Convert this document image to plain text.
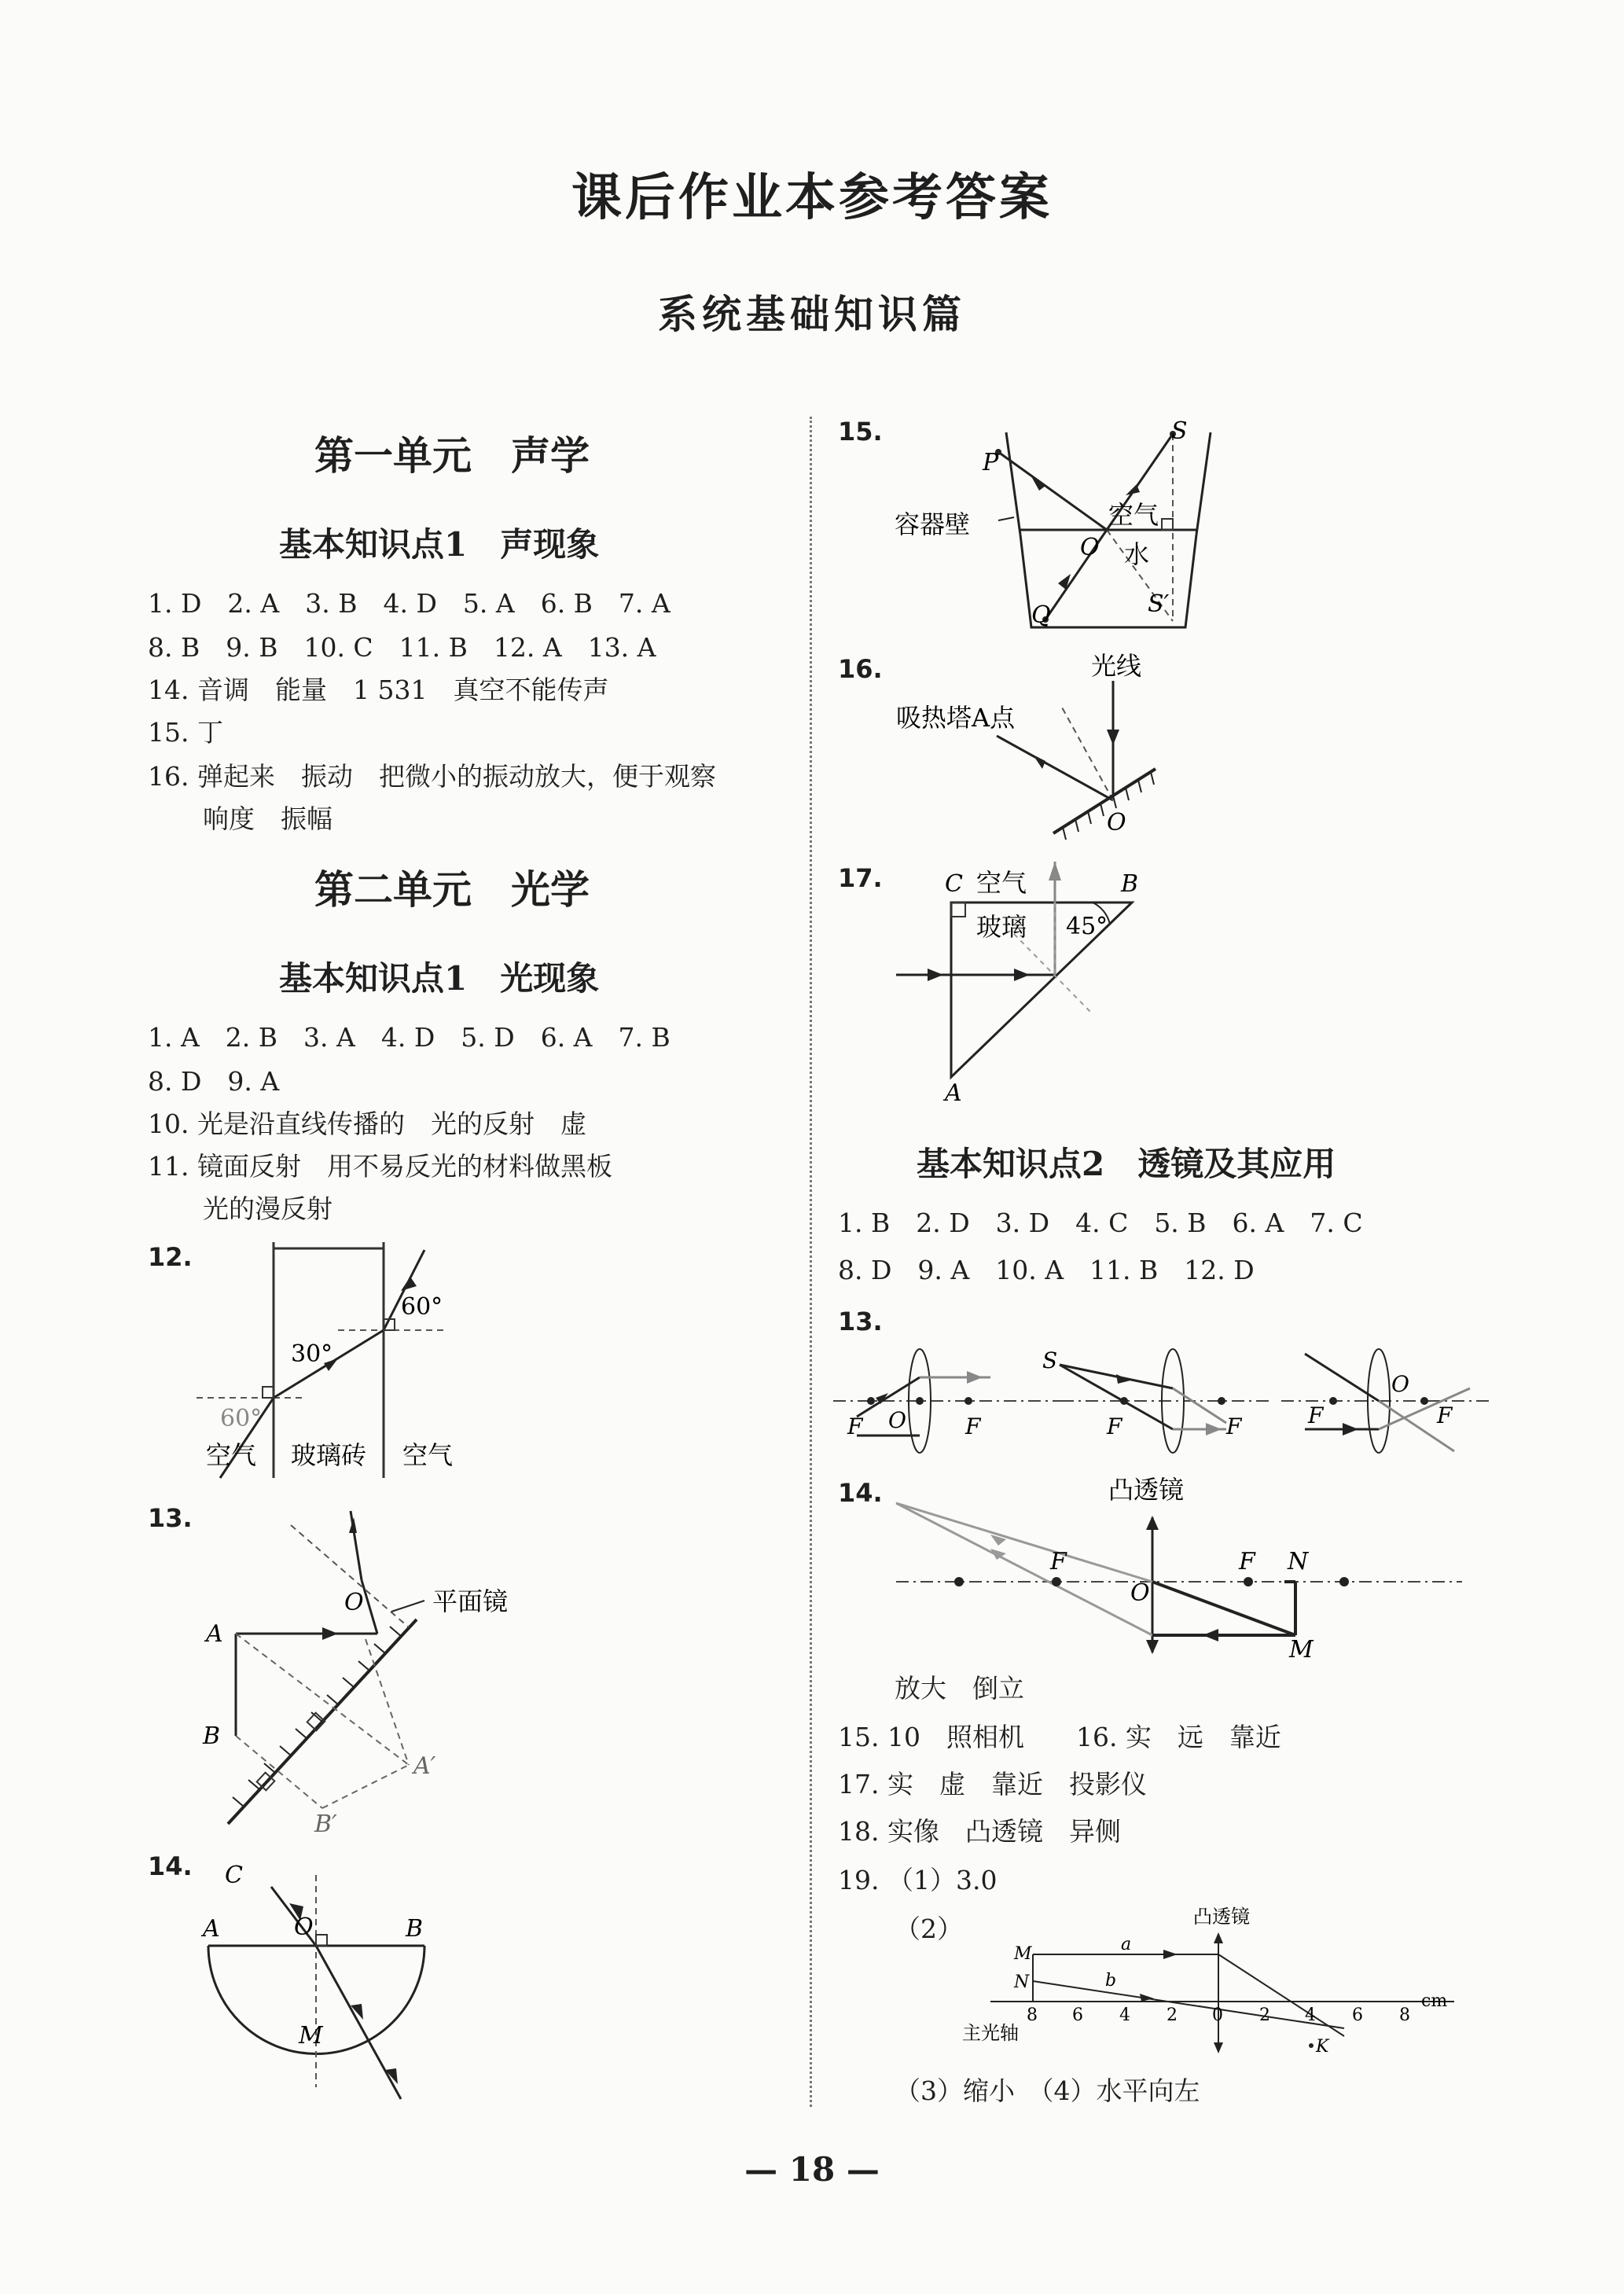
课后作业本参考答案
系统基础知识篇
第一单元　声学
基本知识点1　声现象
1. D　2. A　3. B　4. D　5. A　6. B　7. A
8. B　9. B　10. C　11. B　12. A　13. A
14. 音调　能量　1 531　真空不能传声
15. 丁
16. 弹起来　振动　把微小的振动放大，便于观察
响度　振幅
第二单元　光学
基本知识点1　光现象
1. A　2. B　3. A　4. D　5. D　6. A　7. B
8. D　9. A
10. 光是沿直线传播的　光的反射　虚
11. 镜面反射　用不易反光的材料做黑板
光的漫反射
12.
60°
30°
60°
空气 玻璃砖 空气
13.
平面镜
A
B
O
A′
B′
14. C
A	O	B
M
15.	S
P
容器壁	空气
O 水
Q	S′
16.	光线
吸热塔A点
O
17.	C 空气	B
玻璃 45°
A
基本知识点2　透镜及其应用
1. B　2. D　3. D　4. C　5. B　6. A　7. C
8. D　9. A　10. A　11. B　12. D
13.
F O	F
S
F	F	F
O
F
14.	凸透镜
F	F N
O
M
放大　倒立
15. 10　照相机　　16. 实　远　靠近
17. 实　虚　靠近　投影仪
18. 实像　凸透镜　异侧
19. （1）3.0
（2）
8 6 4 2 0 2 4 6 8
cm
凸透镜
M
N
a
b
主光轴
K
（3）缩小　（4）水平向左
— 18 —
